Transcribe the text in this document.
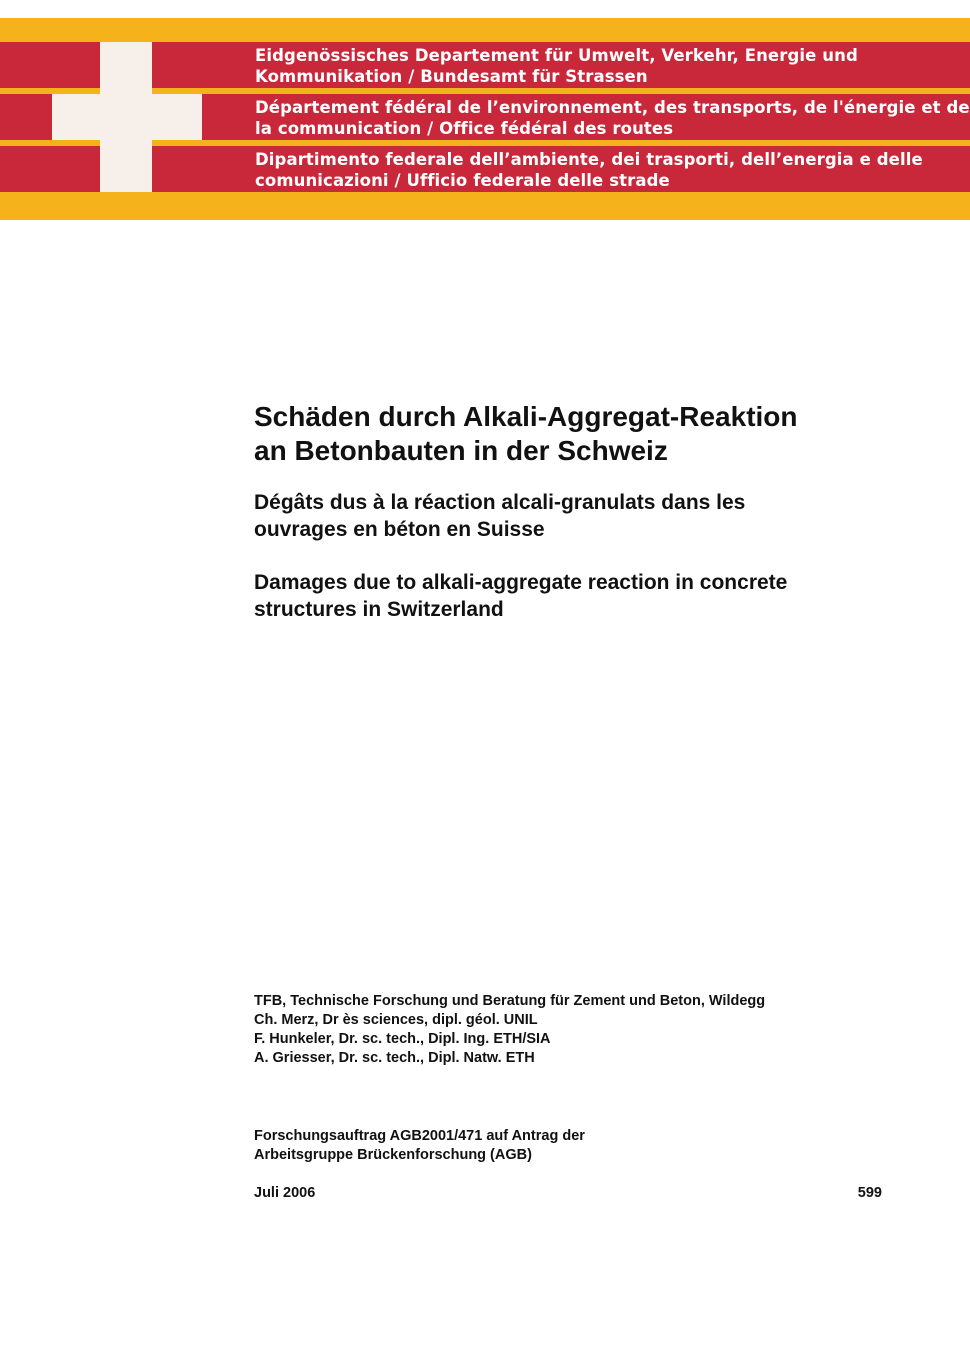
Eidgenössisches Departement für Umwelt, Verkehr, Energie und
Kommunikation / Bundesamt für Strassen
Département fédéral de l’environnement, des transports, de l'énergie et de
la communication / Office fédéral des routes
Dipartimento federale dell’ambiente, dei trasporti, dell’energia e delle
comunicazioni / Ufficio federale delle strade
Schäden durch Alkali-Aggregat-Reaktion
an Betonbauten in der Schweiz
Dégâts dus à la réaction alcali-granulats dans les
ouvrages en béton en Suisse
Damages due to alkali-aggregate reaction in concrete
structures in Switzerland
TFB, Technische Forschung und Beratung für Zement und Beton, Wildegg
Ch. Merz, Dr ès sciences, dipl. géol. UNIL
F. Hunkeler, Dr. sc. tech., Dipl. Ing. ETH/SIA
A. Griesser, Dr. sc. tech., Dipl. Natw. ETH
Forschungsauftrag AGB2001/471 auf Antrag der
Arbeitsgruppe Brückenforschung (AGB)
Juli 2006	599
